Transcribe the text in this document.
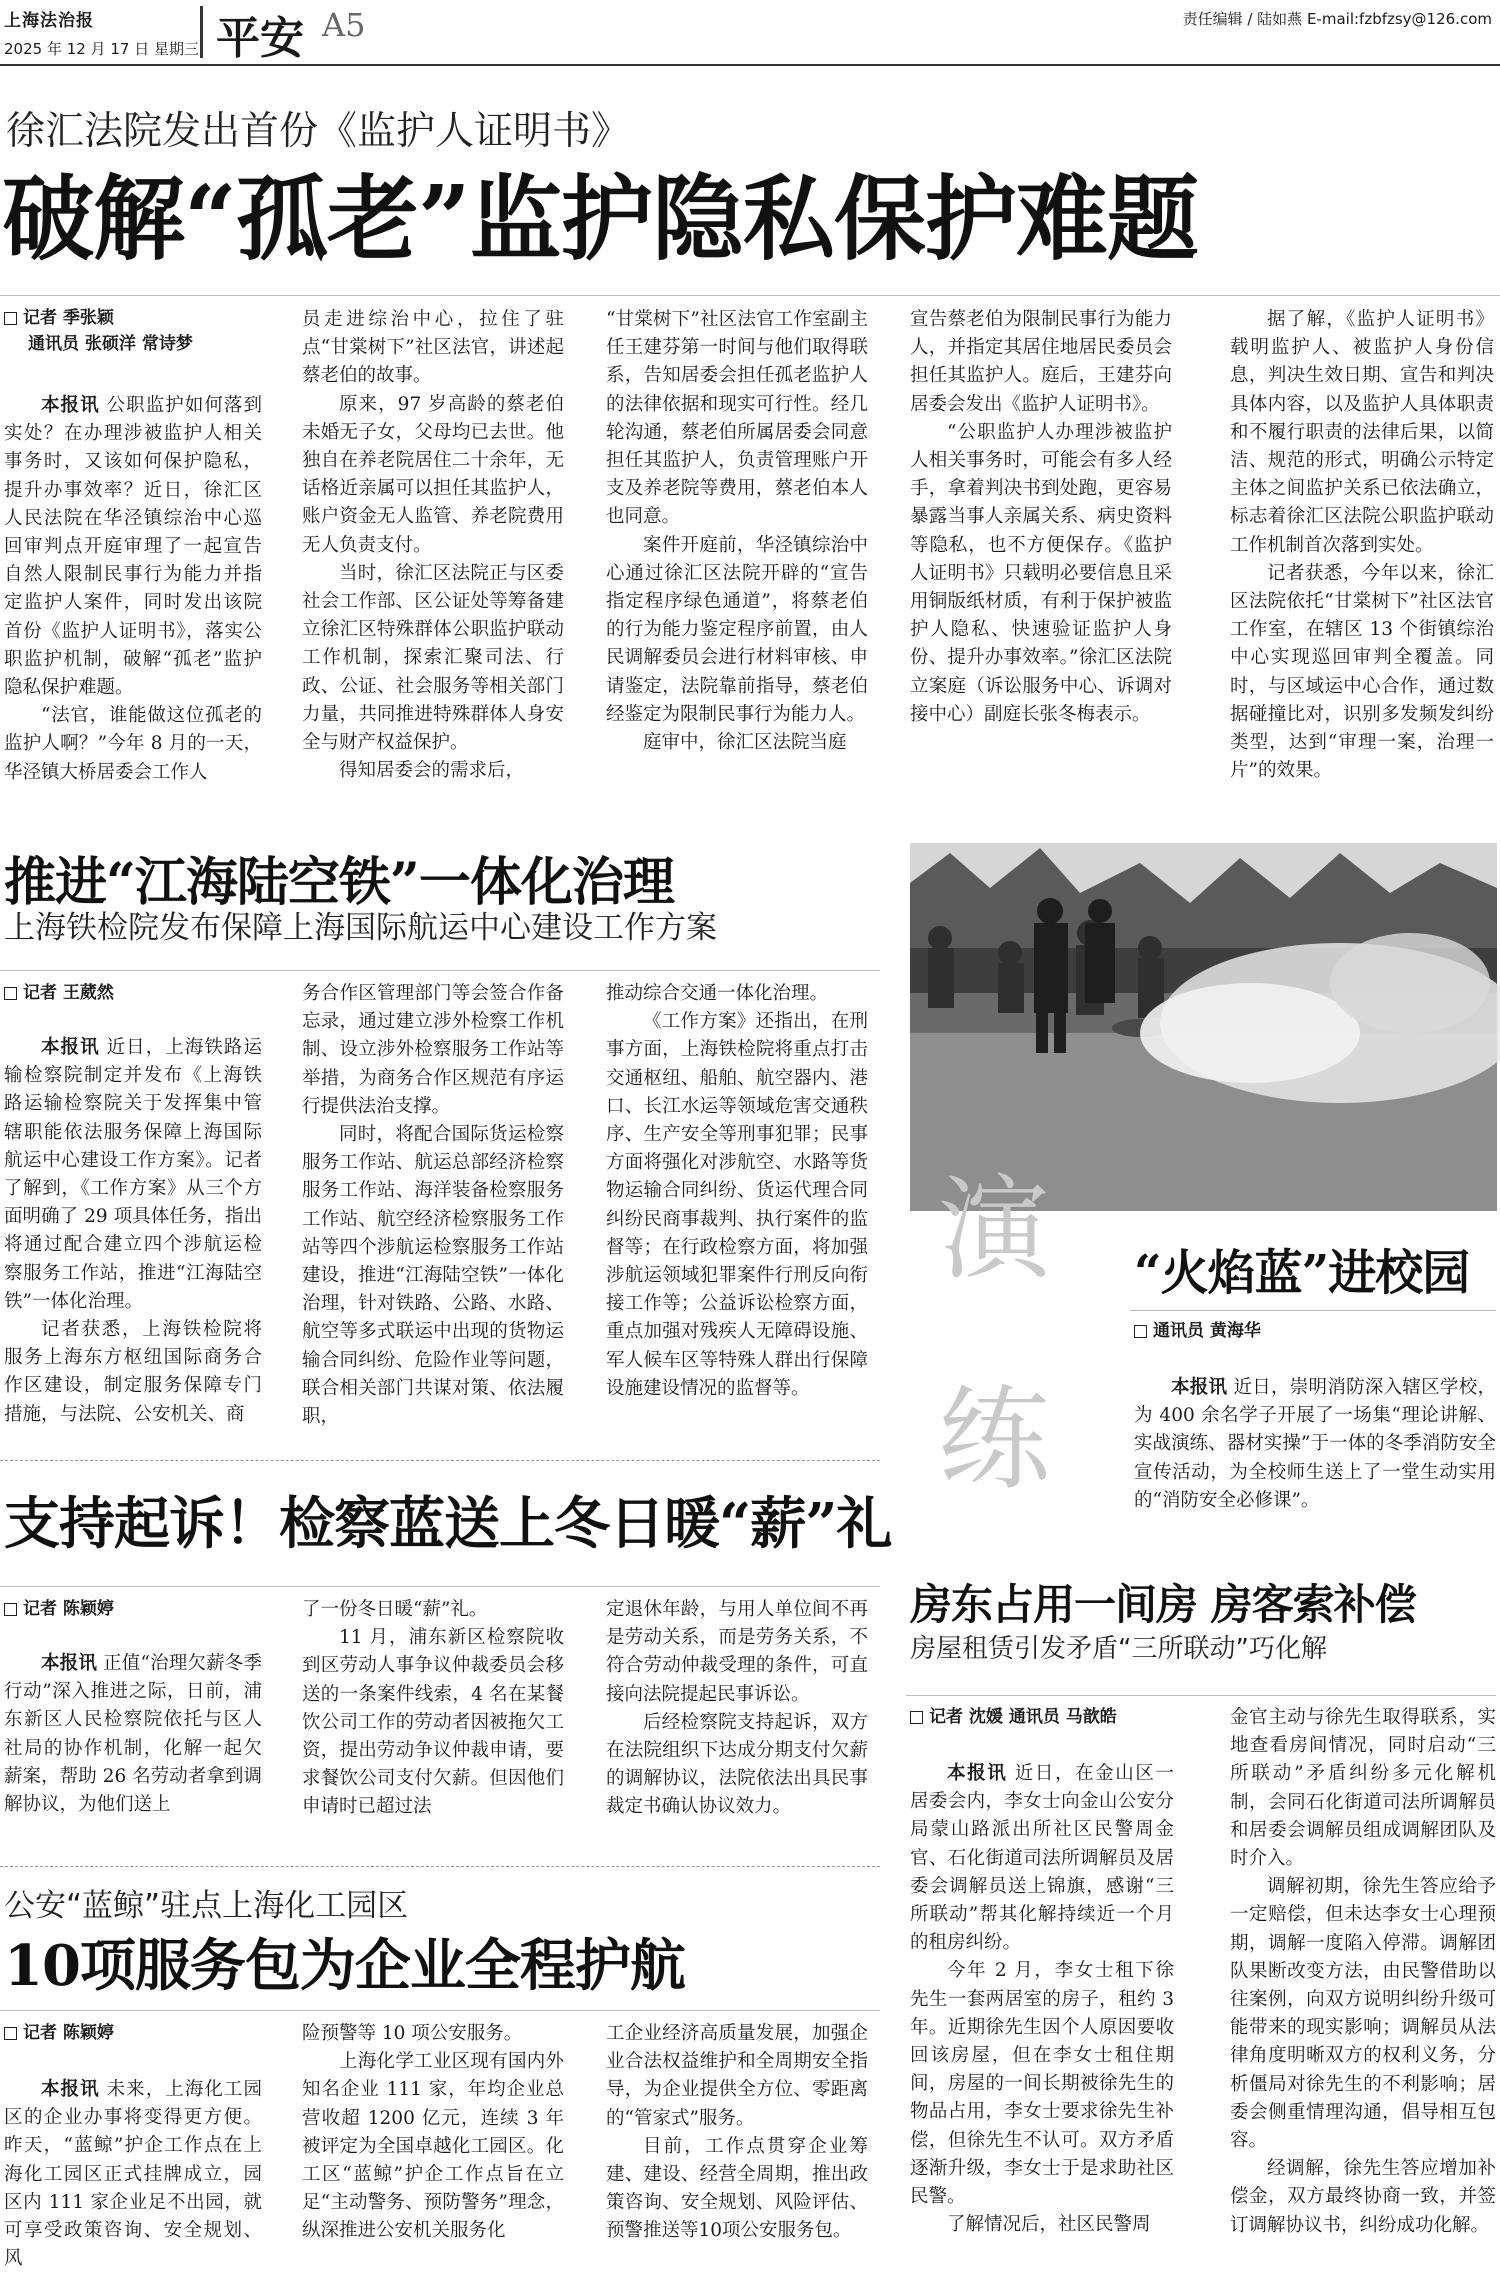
上海法治报
2025 年 12 月 17 日 星期三 平安 A5	责任编辑 / 陆如燕 E-mail:fzbfzsy@126.com
徐汇法院发出首份《监护人证明书》
破解“孤老”监护隐私保护难题
记者 季张颖
通讯员 张硕洋 常诗梦

本报讯 公职监护如何落到实处？在办理涉被监护人相关事务时，又该如何保护隐私，提升办事效率？近日，徐汇区人民法院在华泾镇综治中心巡回审判点开庭审理了一起宣告自然人限制民事行为能力并指定监护人案件，同时发出该院首份《监护人证明书》，落实公职监护机制，破解“孤老”监护隐私保护难题。

“法官，谁能做这位孤老的监护人啊？”今年 8 月的一天，华泾镇大桥居委会工作人

员走进综治中心，拉住了驻点“甘棠树下”社区法官，讲述起蔡老伯的故事。

原来，97 岁高龄的蔡老伯未婚无子女，父母均已去世。他独自在养老院居住二十余年，无话格近亲属可以担任其监护人，账户资金无人监管、养老院费用无人负责支付。

当时，徐汇区法院正与区委社会工作部、区公证处等筹备建立徐汇区特殊群体公职监护联动工作机制，探索汇聚司法、行政、公证、社会服务等相关部门力量，共同推进特殊群体人身安全与财产权益保护。

得知居委会的需求后，

“甘棠树下”社区法官工作室副主任王建芬第一时间与他们取得联系，告知居委会担任孤老监护人的法律依据和现实可行性。经几轮沟通，蔡老伯所属居委会同意担任其监护人，负责管理账户开支及养老院等费用，蔡老伯本人也同意。

案件开庭前，华泾镇综治中心通过徐汇区法院开辟的“宣告指定程序绿色通道”，将蔡老伯的行为能力鉴定程序前置，由人民调解委员会进行材料审核、申请鉴定，法院靠前指导，蔡老伯经鉴定为限制民事行为能力人。

庭审中，徐汇区法院当庭

宣告蔡老伯为限制民事行为能力人，并指定其居住地居民委员会担任其监护人。庭后，王建芬向居委会发出《监护人证明书》。

“公职监护人办理涉被监护人相关事务时，可能会有多人经手，拿着判决书到处跑，更容易暴露当事人亲属关系、病史资料等隐私，也不方便保存。《监护人证明书》只载明必要信息且采用铜版纸材质，有利于保护被监护人隐私、快速验证监护人身份、提升办事效率。”徐汇区法院立案庭（诉讼服务中心、诉调对接中心）副庭长张冬梅表示。

据了解，《监护人证明书》载明监护人、被监护人身份信息，判决生效日期、宣告和判决具体内容，以及监护人具体职责和不履行职责的法律后果，以简洁、规范的形式，明确公示特定主体之间监护关系已依法确立，标志着徐汇区法院公职监护联动工作机制首次落到实处。

记者获悉，今年以来，徐汇区法院依托“甘棠树下”社区法官工作室，在辖区 13 个街镇综治中心实现巡回审判全覆盖。同时，与区域运中心合作，通过数据碰撞比对，识别多发频发纠纷类型，达到“审理一案，治理一片”的效果。

推进“江海陆空铁”一体化治理
上海铁检院发布保障上海国际航运中心建设工作方案
记者 王葳然

本报讯 近日，上海铁路运输检察院制定并发布《上海铁路运输检察院关于发挥集中管辖职能依法服务保障上海国际航运中心建设工作方案》。记者了解到，《工作方案》从三个方面明确了 29 项具体任务，指出将通过配合建立四个涉航运检察服务工作站，推进“江海陆空铁”一体化治理。

记者获悉，上海铁检院将服务上海东方枢纽国际商务合作区建设，制定服务保障专门措施，与法院、公安机关、商

务合作区管理部门等会签合作备忘录，通过建立涉外检察工作机制、设立涉外检察服务工作站等举措，为商务合作区规范有序运行提供法治支撑。

同时，将配合国际货运检察服务工作站、航运总部经济检察服务工作站、海洋装备检察服务工作站、航空经济检察服务工作站等四个涉航运检察服务工作站建设，推进“江海陆空铁”一体化治理，针对铁路、公路、水路、航空等多式联运中出现的货物运输合同纠纷、危险作业等问题，联合相关部门共谋对策、依法履职，

推动综合交通一体化治理。

《工作方案》还指出，在刑事方面，上海铁检院将重点打击交通枢纽、船舶、航空器内、港口、长江水运等领域危害交通秩序、生产安全等刑事犯罪；民事方面将强化对涉航空、水路等货物运输合同纠纷、货运代理合同纠纷民商事裁判、执行案件的监督等；在行政检察方面，将加强涉航运领域犯罪案件行刑反向衔接工作等；公益诉讼检察方面，重点加强对残疾人无障碍设施、军人候车区等特殊人群出行保障设施建设情况的监督等。

支持起诉！检察蓝送上冬日暖“薪”礼
记者 陈颖婷

本报讯 正值“治理欠薪冬季行动”深入推进之际，日前，浦东新区人民检察院依托与区人社局的协作机制，化解一起欠薪案，帮助 26 名劳动者拿到调解协议，为他们送上

了一份冬日暖“薪”礼。

11 月，浦东新区检察院收到区劳动人事争议仲裁委员会移送的一条案件线索，4 名在某餐饮公司工作的劳动者因被拖欠工资，提出劳动争议仲裁申请，要求餐饮公司支付欠薪。但因他们申请时已超过法

定退休年龄，与用人单位间不再是劳动关系，而是劳务关系，不符合劳动仲裁受理的条件，可直接向法院提起民事诉讼。

后经检察院支持起诉，双方在法院组织下达成分期支付欠薪的调解协议，法院依法出具民事裁定书确认协议效力。

公安“蓝鲸”驻点上海化工园区
10项服务包为企业全程护航
记者 陈颖婷

本报讯 未来，上海化工园区的企业办事将变得更方便。昨天，“蓝鲸”护企工作点在上海化工园区正式挂牌成立，园区内 111 家企业足不出园，就可享受政策咨询、安全规划、风

险预警等 10 项公安服务。

上海化学工业区现有国内外知名企业 111 家，年均企业总营收超 1200 亿元，连续 3 年被评定为全国卓越化工园区。化工区“蓝鲸”护企工作点旨在立足“主动警务、预防警务”理念，纵深推进公安机关服务化

工企业经济高质量发展，加强企业合法权益维护和全周期安全指导，为企业提供全方位、零距离的“管家式”服务。

目前，工作点贯穿企业筹建、建设、经营全周期，推出政策咨询、安全规划、风险评估、预警推送等10项公安服务包。

演
练
“火焰蓝”进校园
通讯员 黄海华

本报讯 近日，崇明消防深入辖区学校，为 400 余名学子开展了一场集“理论讲解、实战演练、器材实操”于一体的冬季消防安全宣传活动，为全校师生送上了一堂生动实用的“消防安全必修课”。

房东占用一间房 房客索补偿
房屋租赁引发矛盾“三所联动”巧化解
记者 沈媛 通讯员 马歆皓

本报讯 近日，在金山区一居委会内，李女士向金山公安分局蒙山路派出所社区民警周金官、石化街道司法所调解员及居委会调解员送上锦旗，感谢“三所联动”帮其化解持续近一个月的租房纠纷。

今年 2 月，李女士租下徐先生一套两居室的房子，租约 3 年。近期徐先生因个人原因要收回该房屋，但在李女士租住期间，房屋的一间长期被徐先生的物品占用，李女士要求徐先生补偿，但徐先生不认可。双方矛盾逐渐升级，李女士于是求助社区民警。

了解情况后，社区民警周

金官主动与徐先生取得联系，实地查看房间情况，同时启动“三所联动”矛盾纠纷多元化解机制，会同石化街道司法所调解员和居委会调解员组成调解团队及时介入。

调解初期，徐先生答应给予一定赔偿，但未达李女士心理预期，调解一度陷入停滞。调解团队果断改变方法，由民警借助以往案例，向双方说明纠纷升级可能带来的现实影响；调解员从法律角度明晰双方的权利义务，分析僵局对徐先生的不利影响；居委会侧重情理沟通，倡导相互包容。

经调解，徐先生答应增加补偿金，双方最终协商一致，并签订调解协议书，纠纷成功化解。
